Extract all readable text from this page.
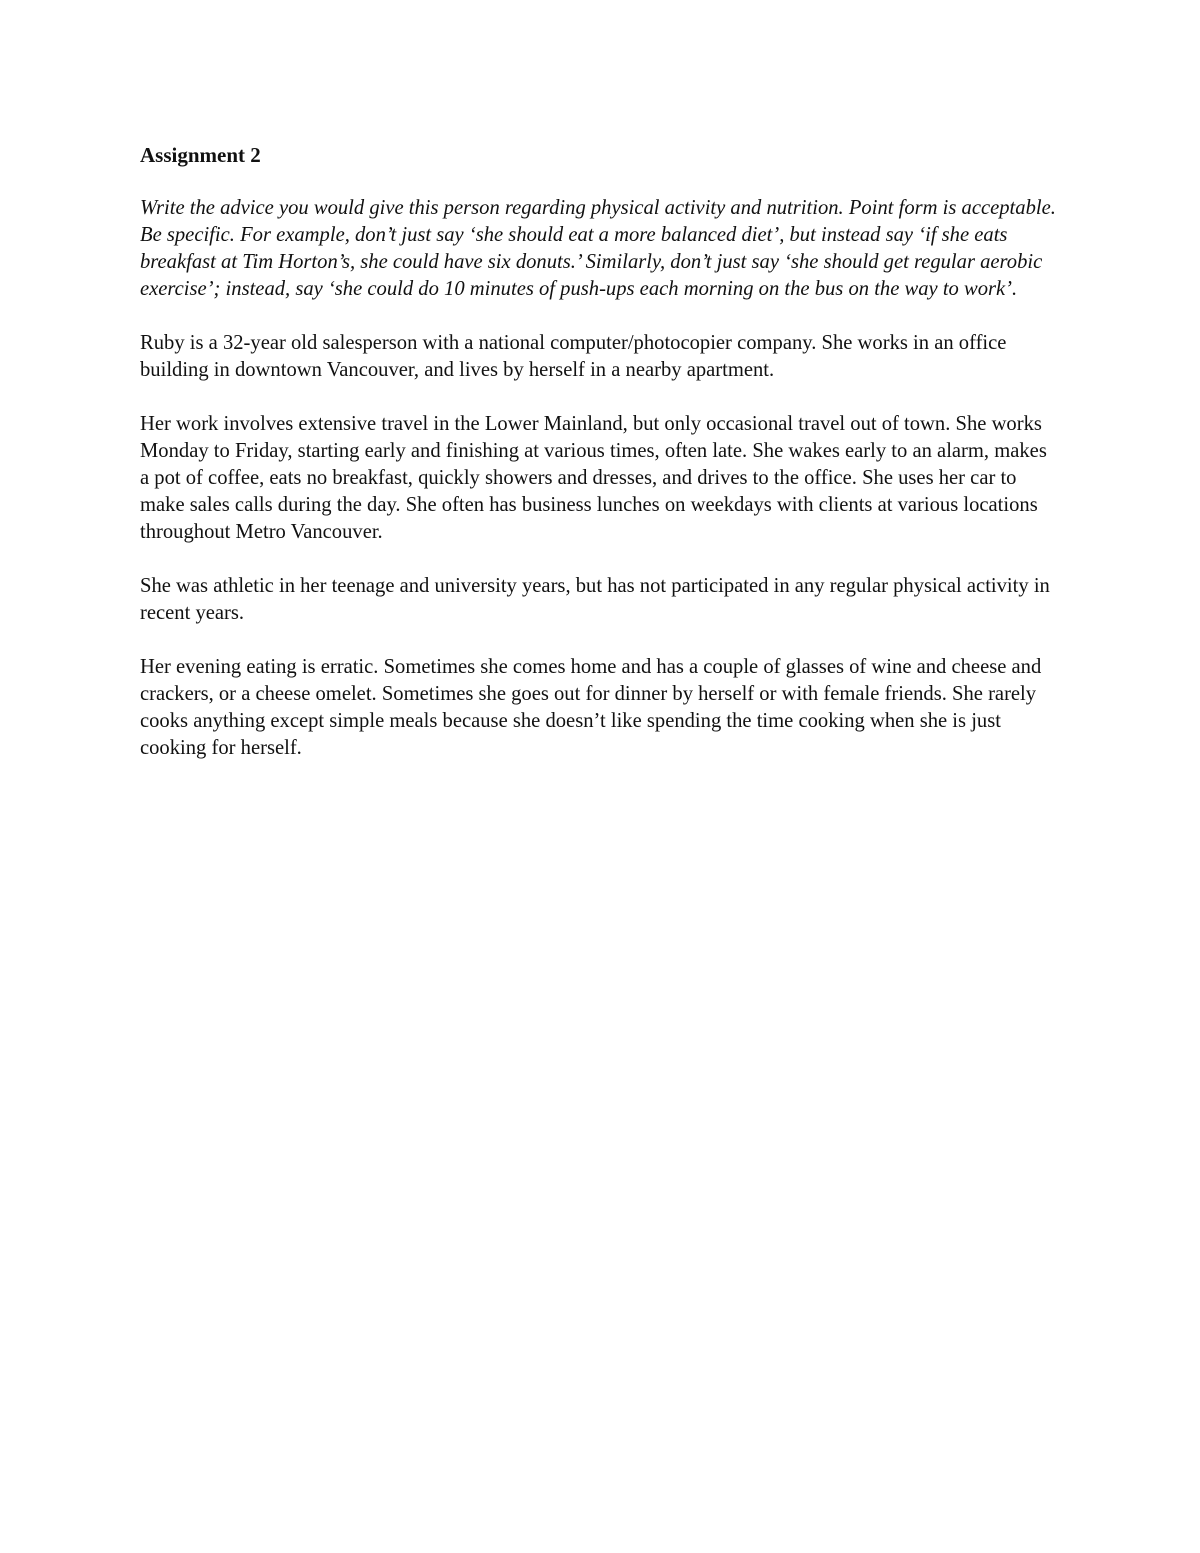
Assignment 2

Write the advice you would give this person regarding physical activity and nutrition. Point form is acceptable. Be specific. For example, don’t just say ‘she should eat a more balanced diet’, but instead say ‘if she eats breakfast at Tim Horton’s, she could have six donuts.’ Similarly, don’t just say ‘she should get regular aerobic exercise’; instead, say ‘she could do 10 minutes of push-ups each morning on the bus on the way to work’.

Ruby is a 32-year old salesperson with a national computer/photocopier company. She works in an office building in downtown Vancouver, and lives by herself in a nearby apartment.

Her work involves extensive travel in the Lower Mainland, but only occasional travel out of town. She works Monday to Friday, starting early and finishing at various times, often late. She wakes early to an alarm, makes a pot of coffee, eats no breakfast, quickly showers and dresses, and drives to the office. She uses her car to make sales calls during the day. She often has business lunches on weekdays with clients at various locations throughout Metro Vancouver.

She was athletic in her teenage and university years, but has not participated in any regular physical activity in recent years.

Her evening eating is erratic. Sometimes she comes home and has a couple of glasses of wine and cheese and crackers, or a cheese omelet. Sometimes she goes out for dinner by herself or with female friends. She rarely cooks anything except simple meals because she doesn’t like spending the time cooking when she is just cooking for herself.
